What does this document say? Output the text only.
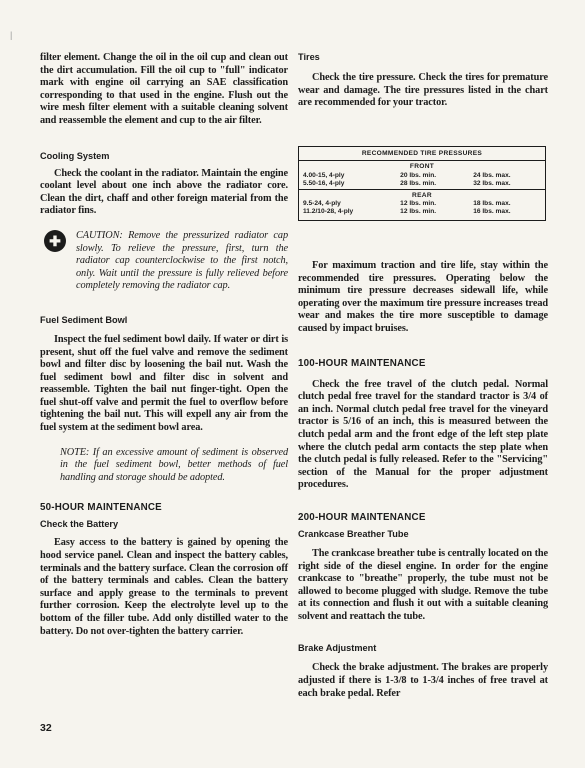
filter element. Change the oil in the oil cup and clean out the dirt accumulation. Fill the oil cup to "full" indicator mark with engine oil carrying an SAE classification corresponding to that used in the engine. Flush out the wire mesh filter element with a suitable cleaning solvent and reassemble the element and cup to the air filter.

Cooling System

Check the coolant in the radiator. Maintain the engine coolant level about one inch above the radiator core. Clean the dirt, chaff and other foreign material from the radiator fins.

✚	CAUTION: Remove the pressurized radiator cap slowly. To relieve the pressure, first, turn the radiator cap counterclockwise to the first notch, only. Wait until the pressure is fully relieved before completely removing the radiator cap.

Fuel Sediment Bowl

Inspect the fuel sediment bowl daily. If water or dirt is present, shut off the fuel valve and remove the sediment bowl and filter disc by loosening the bail nut. Wash the fuel sediment bowl and filter disc in solvent and reassemble. Tighten the bail nut finger-tight. Open the fuel shut-off valve and permit the fuel to overflow before tightening the bail nut. This will expell any air from the fuel system at the sediment bowl area.

NOTE: If an excessive amount of sediment is observed in the fuel sediment bowl, better methods of fuel handling and storage should be adopted.

50-HOUR MAINTENANCE

Check the Battery

Easy access to the battery is gained by opening the hood service panel. Clean and inspect the battery cables, terminals and the battery surface. Clean the corrosion off of the battery terminals and cables. Clean the battery surface and apply grease to the terminals to prevent further corrosion. Keep the electrolyte level up to the bottom of the filler tube. Add only distilled water to the battery. Do not over-tighten the battery carrier.

Tires

Check the tire pressure. Check the tires for premature wear and damage. The tire pressures listed in the chart are recommended for your tractor.

RECOMMENDED TIRE PRESSURES		
FRONT		
4.00-15, 4-ply	20 lbs. min.	24 lbs. max.
5.50-16, 4-ply	28 lbs. min.	32 lbs. max.
REAR		
9.5-24, 4-ply	12 lbs. min.	18 lbs. max.
11.2/10-28, 4-ply	12 lbs. min.	16 lbs. max.

For maximum traction and tire life, stay within the recommended tire pressures. Operating below the minimum tire pressure decreases sidewall life, while operating over the maximum tire pressure increases tread wear and makes the tire more susceptible to damage caused by impact bruises.

100-HOUR MAINTENANCE

Check the free travel of the clutch pedal. Normal clutch pedal free travel for the standard tractor is 3/4 of an inch. Normal clutch pedal free travel for the vineyard tractor is 5/16 of an inch, this is measured between the clutch pedal arm and the front edge of the left step plate where the clutch pedal arm contacts the step plate when the clutch pedal is fully released. Refer to the "Servicing" section of the Manual for the proper adjustment procedures.

200-HOUR MAINTENANCE

Crankcase Breather Tube

The crankcase breather tube is centrally located on the right side of the diesel engine. In order for the engine crankcase to "breathe" properly, the tube must not be allowed to become plugged with sludge. Remove the tube at its connection and flush it out with a suitable cleaning solvent and reattach the tube.

Brake Adjustment

Check the brake adjustment. The brakes are properly adjusted if there is 1-3/8 to 1-3/4 inches of free travel at each brake pedal. Refer

32
|
